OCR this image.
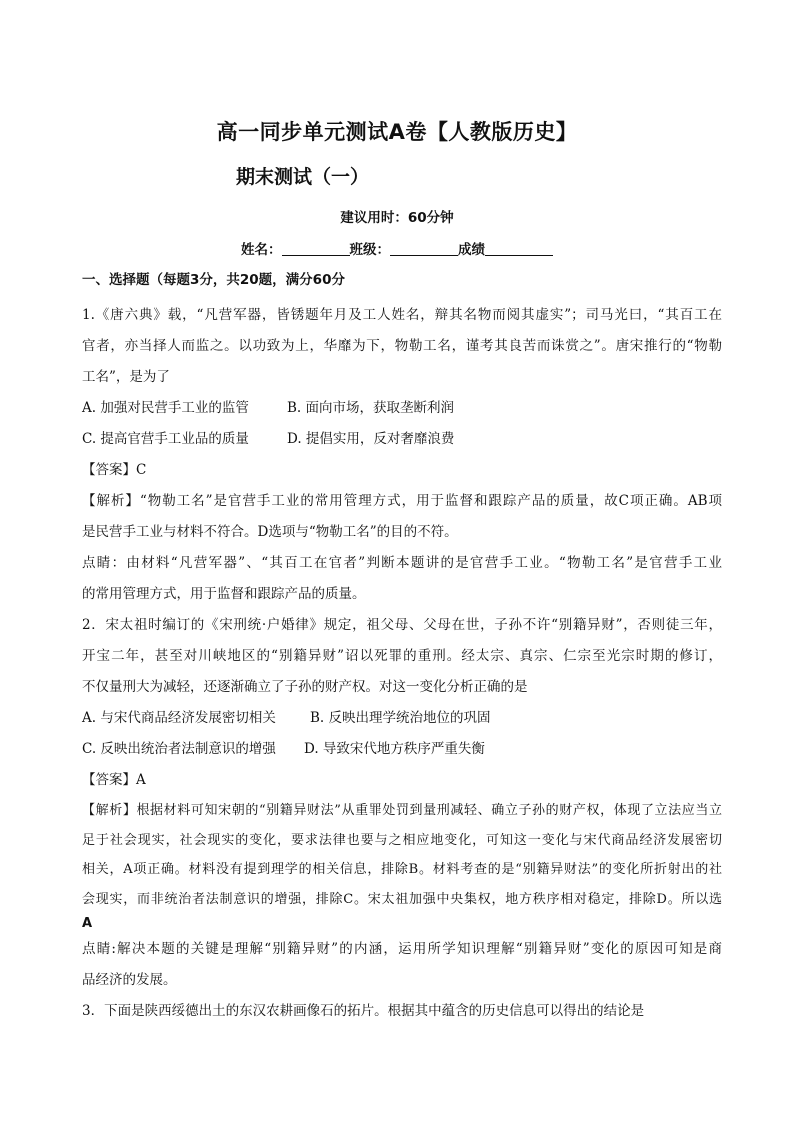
高一同步单元测试A卷【人教版历史】
期末测试（一）
建议用时：60分钟
姓名：	班级：	成绩
一、选择题（每题3分，共20题，满分60分

1.《唐六典》载，“凡营军器，皆锈题年月及工人姓名，辩其名物而阅其虚实”；司马光曰，“其百工在

官者，亦当择人而监之。以功致为上，华靡为下，物勒工名，谨考其良苦而诛赏之”。唐宋推行的“物勒

工名”，是为了

A. 加强对民营手工业的监管	B. 面向市场，获取垄断利润

C. 提高官营手工业品的质量	D. 提倡实用，反对奢靡浪费

【答案】C

【解析】“物勒工名”是官营手工业的常用管理方式，用于监督和跟踪产品的质量，故C项正确。AB项

是民营手工业与材料不符合。D选项与“物勒工名”的目的不符。

点睛：由材料“凡营军器”、“其百工在官者”判断本题讲的是官营手工业。“物勒工名”是官营手工业

的常用管理方式，用于监督和跟踪产品的质量。

2．宋太祖时编订的《宋刑统·户婚律》规定，祖父母、父母在世，子孙不许“别籍异财”，否则徒三年，

开宝二年，甚至对川峡地区的“别籍异财”诏以死罪的重刑。经太宗、真宗、仁宗至光宗时期的修订，

不仅量刑大为减轻，还逐渐确立了子孙的财产权。对这一变化分析正确的是

A. 与宋代商品经济发展密切相关	B. 反映出理学统治地位的巩固

C. 反映出统治者法制意识的增强 D. 导致宋代地方秩序严重失衡

【答案】A

【解析】根据材料可知宋朝的“别籍异财法”从重罪处罚到量刑减轻、确立子孙的财产权，体现了立法应当立

足于社会现实，社会现实的变化，要求法律也要与之相应地变化，可知这一变化与宋代商品经济发展密切

相关，A项正确。材料没有提到理学的相关信息，排除B。材料考查的是“别籍异财法”的变化所折射出的社

会现实，而非统治者法制意识的增强，排除C。宋太祖加强中央集权，地方秩序相对稳定，排除D。所以选

A

点睛:解决本题的关键是理解“别籍异财”的内涵，运用所学知识理解“别籍异财”变化的原因可知是商

品经济的发展。

3．下面是陕西绥德出土的东汉农耕画像石的拓片。根据其中蕴含的历史信息可以得出的结论是
